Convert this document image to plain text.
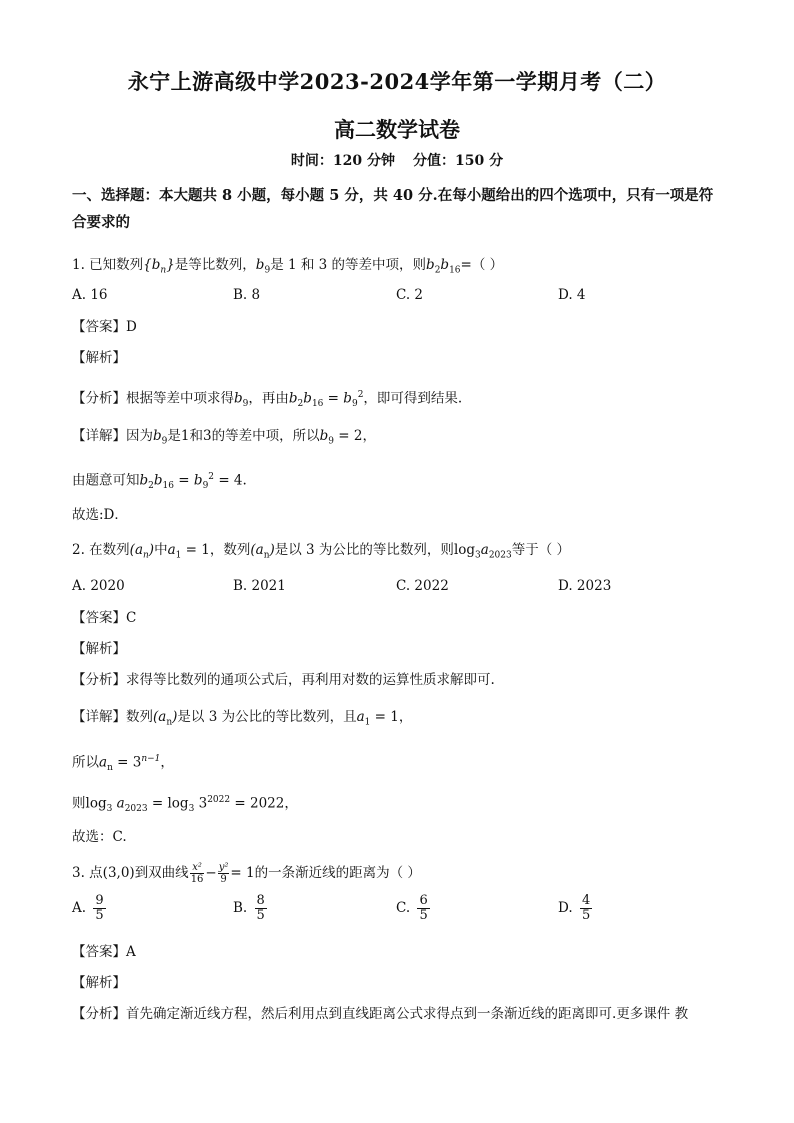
永宁上游高级中学2023-2024学年第一学期月考（二）
高二数学试卷
时间：120 分钟 分值：150 分
一、选择题：本大题共 8 小题，每小题 5 分，共 40 分.在每小题给出的四个选项中，只有一项是符合要求的
1. 已知数列$\{b_n\}$是等比数列，$b_9$是 1 和 3 的等差中项，则$b_2b_{16}=$（ ）
A. 16	B. 8	C. 2	D. 4
【答案】D
【解析】
【分析】根据等差中项求得$b_9$，再由$b_2b_{16} = b_9^2$，即可得到结果.
【详解】因为$b_9$是1和3的等差中项，所以$b_9 = 2$，
由题意可知$b_2b_{16} = b_9^2 = 4$.
故选:D．
2. 在数列$(a_n)$中$a_1 = 1$，数列$(a_n)$是以 3 为公比的等比数列，则$\log_3a_{2023}$等于（ ）
A. 2020	B. 2021	C. 2022	D. 2023
【答案】C
【解析】
【分析】求得等比数列的通项公式后，再利用对数的运算性质求解即可.
【详解】数列$(a_n)$是以 3 为公比的等比数列，且$a_1 = 1$，
所以$a_n = 3^{n-1}$，
则$\log_3 a_{2023} = \log_3 3^{2022} = 2022$，
故选：C.
3. 点(3,0)到双曲线 $\frac{\text{x²}}{16} - \frac{\text{y²}}{9} = 1$的一条渐近线的距离为（ ）
A. $\frac{9}{5}$	B. $\frac{8}{5}$	C. $\frac{6}{5}$	D. $\frac{4}{5}$
【答案】A
【解析】
【分析】首先确定渐近线方程，然后利用点到直线距离公式求得点到一条渐近线的距离即可.更多课件 教
